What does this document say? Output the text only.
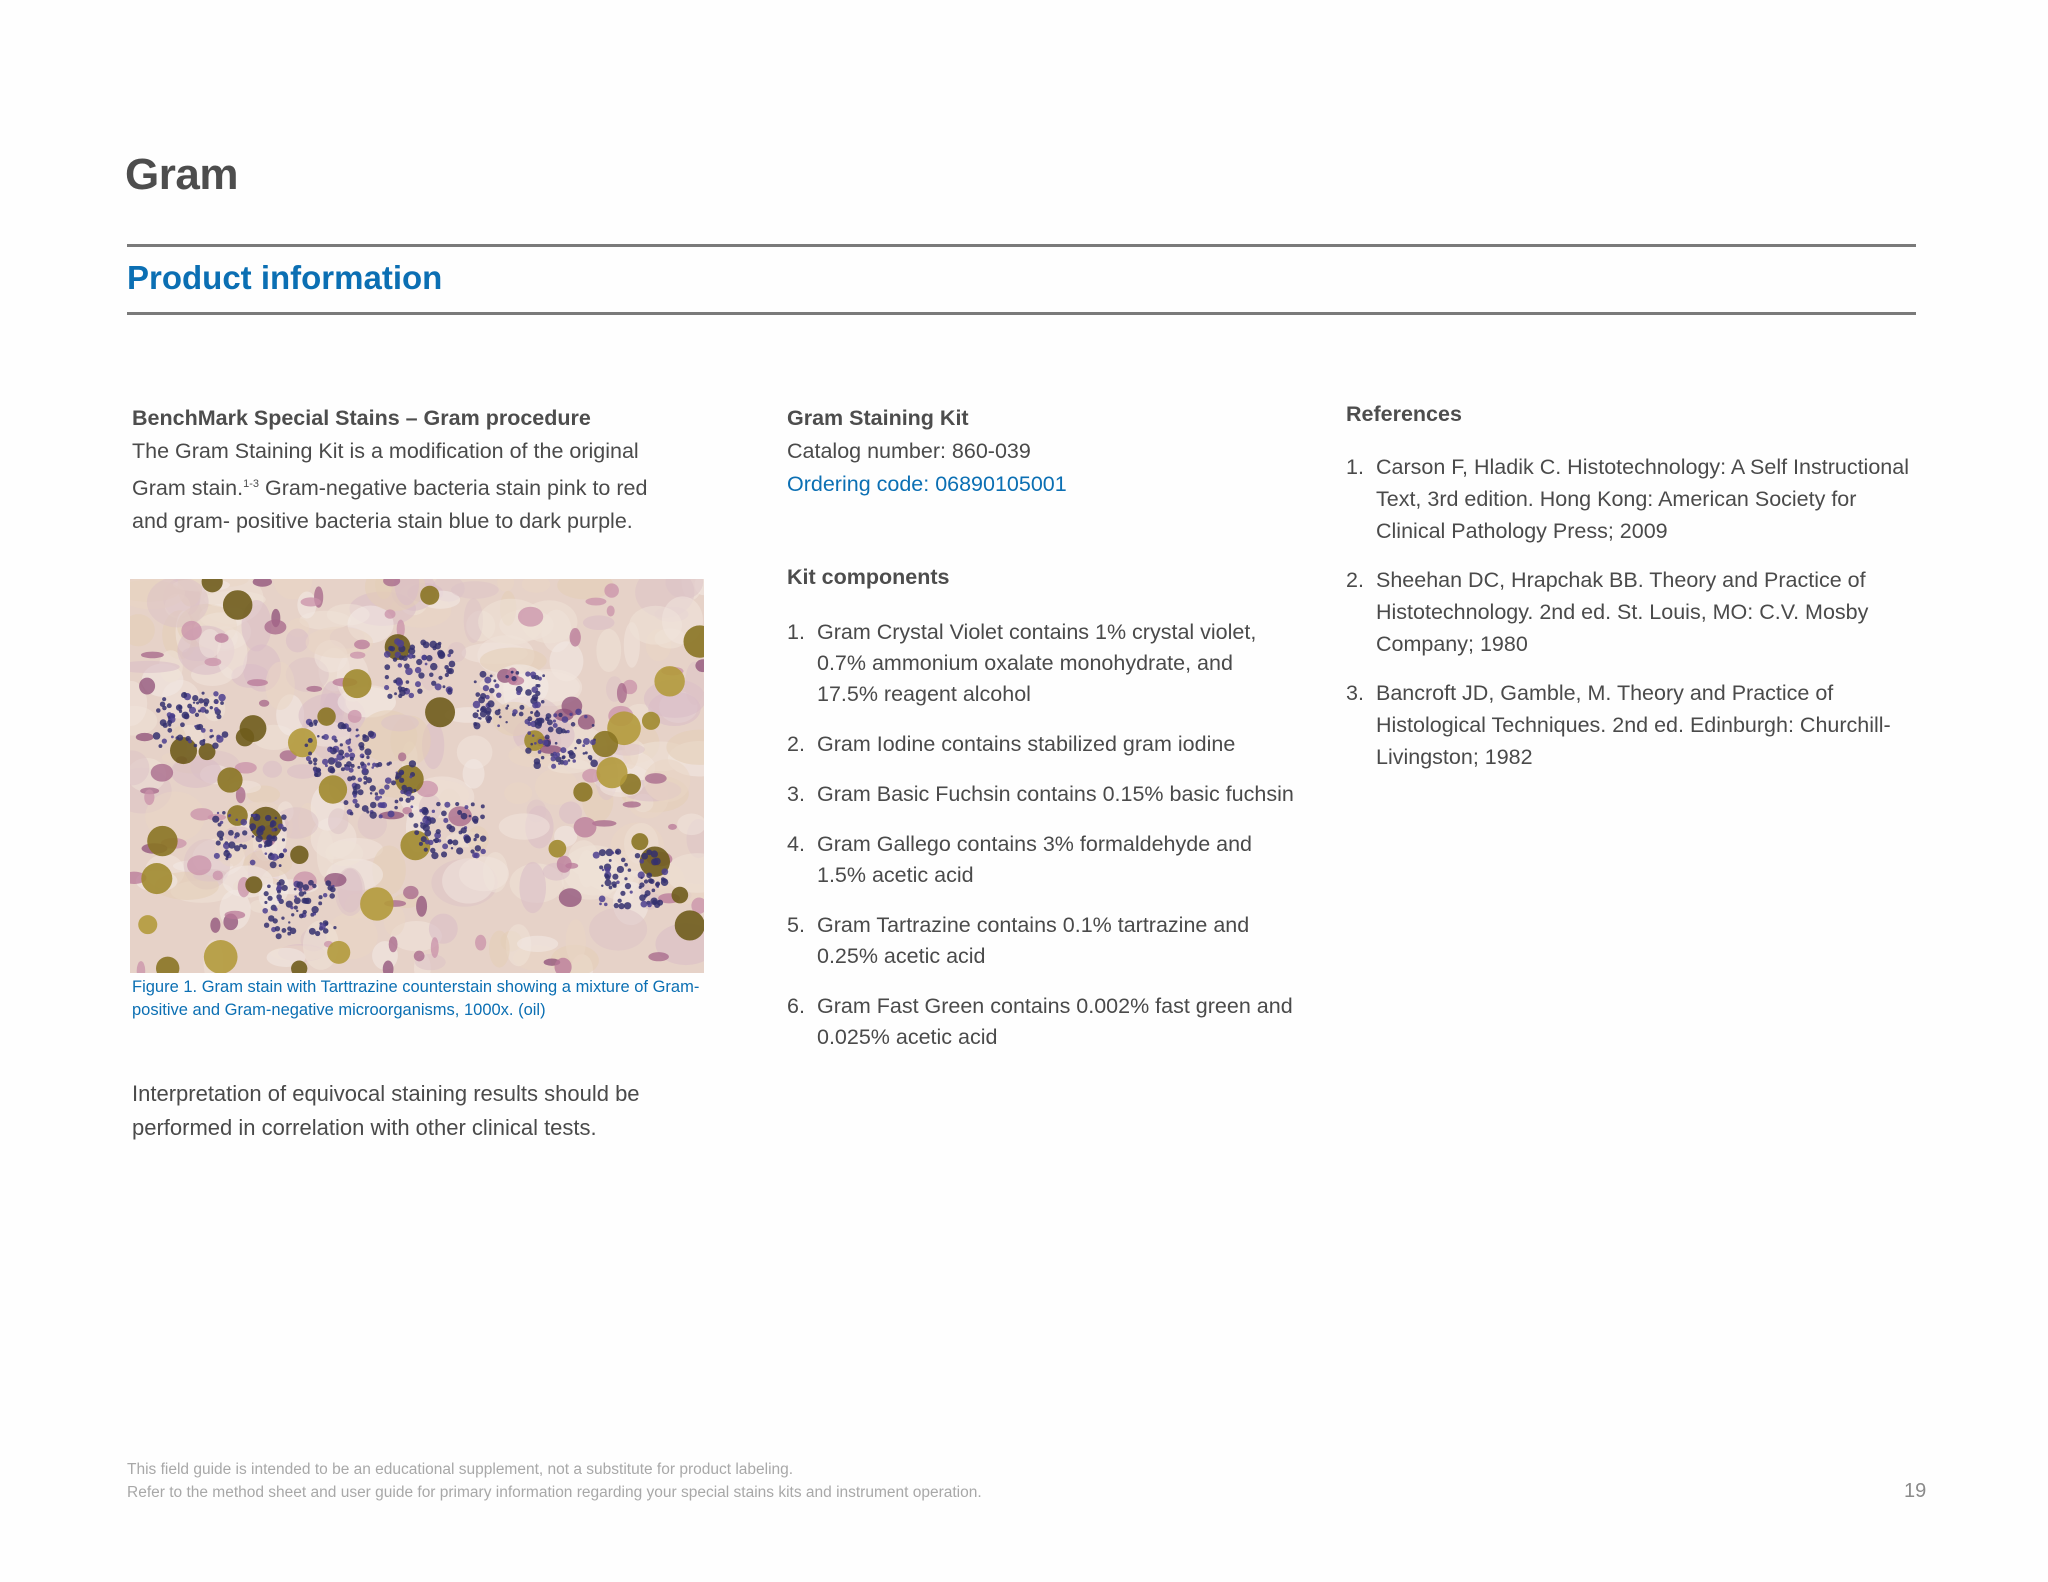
Gram
Product information
BenchMark Special Stains – Gram procedure
The Gram Staining Kit is a modification of the original Gram stain.$^{1-3}$ Gram-negative bacteria stain pink to red and gram- positive bacteria stain blue to dark purple.
Figure 1. Gram stain with Tarttrazine counterstain showing a mixture of Gram-positive and Gram-negative microorganisms, 1000x. (oil)
Interpretation of equivocal staining results should be performed in correlation with other clinical tests.
Gram Staining Kit
Catalog number: 860-039
Ordering code: 06890105001
Kit components
1. Gram Crystal Violet contains 1% crystal violet, 0.7% ammonium oxalate monohydrate, and 17.5% reagent alcohol
2. Gram Iodine contains stabilized gram iodine
3. Gram Basic Fuchsin contains 0.15% basic fuchsin
4. Gram Gallego contains 3% formaldehyde and 1.5% acetic acid
5. Gram Tartrazine contains 0.1% tartrazine and 0.25% acetic acid
6. Gram Fast Green contains 0.002% fast green and 0.025% acetic acid
References
1. Carson F, Hladik C. Histotechnology: A Self Instructional Text, 3rd edition. Hong Kong: American Society for Clinical Pathology Press; 2009
2. Sheehan DC, Hrapchak BB. Theory and Practice of Histotechnology. 2nd ed. St. Louis, MO: C.V. Mosby Company; 1980
3. Bancroft JD, Gamble, M. Theory and Practice of Histological Techniques. 2nd ed. Edinburgh: Churchill-Livingston; 1982
This field guide is intended to be an educational supplement, not a substitute for product labeling.
Refer to the method sheet and user guide for primary information regarding your special stains kits and instrument operation.	19
